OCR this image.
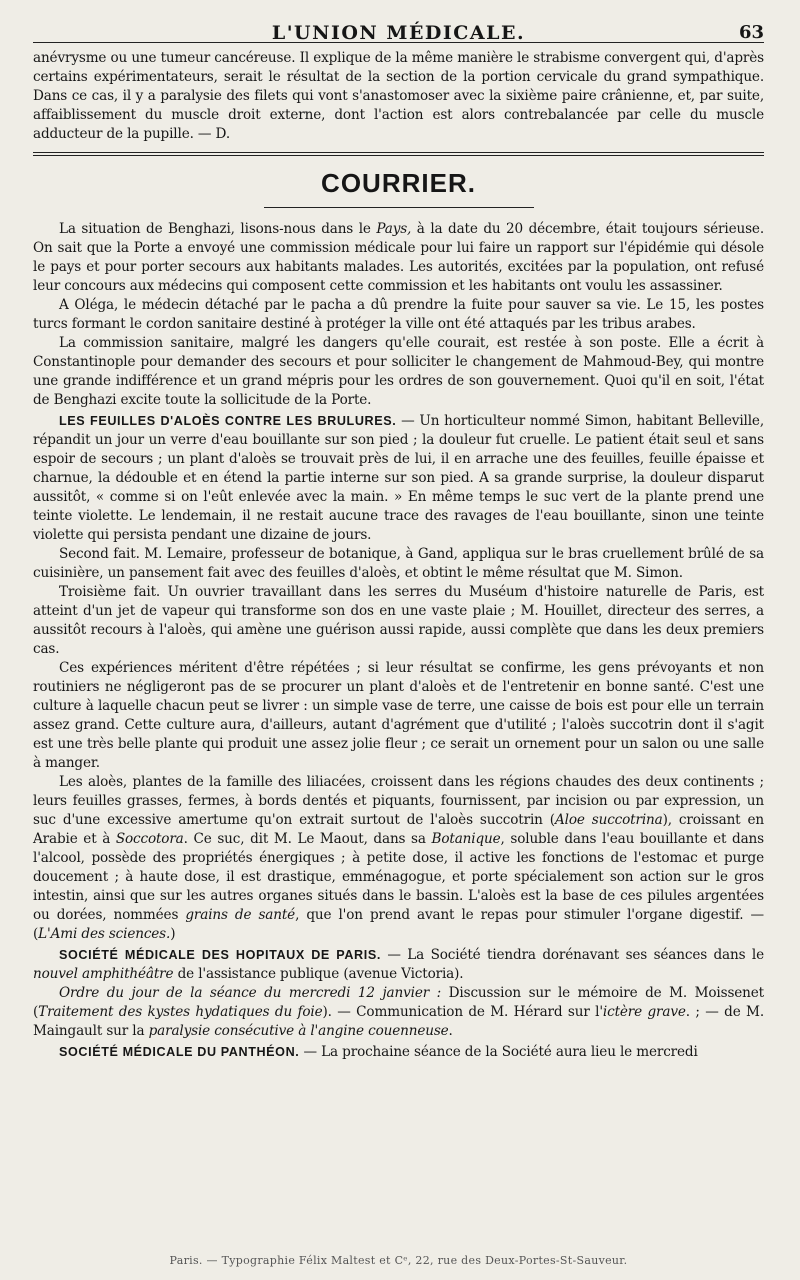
L'UNION MÉDICALE.	63

anévrysme ou une tumeur cancéreuse. Il explique de la même manière le strabisme convergent qui, d'après certains expérimentateurs, serait le résultat de la section de la portion cervicale du grand sympathique. Dans ce cas, il y a paralysie des filets qui vont s'anastomoser avec la sixième paire crânienne, et, par suite, affaiblissement du muscle droit externe, dont l'action est alors contrebalancée par celle du muscle adducteur de la pupille. — D.

COURRIER.

La situation de Benghazi, lisons-nous dans le Pays, à la date du 20 décembre, était toujours sérieuse. On sait que la Porte a envoyé une commission médicale pour lui faire un rapport sur l'épidémie qui désole le pays et pour porter secours aux habitants malades. Les autorités, excitées par la population, ont refusé leur concours aux médecins qui composent cette commission et les habitants ont voulu les assassiner.

A Oléga, le médecin détaché par le pacha a dû prendre la fuite pour sauver sa vie. Le 15, les postes turcs formant le cordon sanitaire destiné à protéger la ville ont été attaqués par les tribus arabes.

La commission sanitaire, malgré les dangers qu'elle courait, est restée à son poste. Elle a écrit à Constantinople pour demander des secours et pour solliciter le changement de Mahmoud-Bey, qui montre une grande indifférence et un grand mépris pour les ordres de son gouvernement. Quoi qu'il en soit, l'état de Benghazi excite toute la sollicitude de la Porte.

LES FEUILLES D'ALOÈS CONTRE LES BRULURES. — Un horticulteur nommé Simon, habitant Belleville, répandit un jour un verre d'eau bouillante sur son pied ; la douleur fut cruelle. Le patient était seul et sans espoir de secours ; un plant d'aloès se trouvait près de lui, il en arrache une des feuilles, feuille épaisse et charnue, la dédouble et en étend la partie interne sur son pied. A sa grande surprise, la douleur disparut aussitôt, « comme si on l'eût enlevée avec la main. » En même temps le suc vert de la plante prend une teinte violette. Le lendemain, il ne restait aucune trace des ravages de l'eau bouillante, sinon une teinte violette qui persista pendant une dizaine de jours.

Second fait. M. Lemaire, professeur de botanique, à Gand, appliqua sur le bras cruellement brûlé de sa cuisinière, un pansement fait avec des feuilles d'aloès, et obtint le même résultat que M. Simon.

Troisième fait. Un ouvrier travaillant dans les serres du Muséum d'histoire naturelle de Paris, est atteint d'un jet de vapeur qui transforme son dos en une vaste plaie ; M. Houillet, directeur des serres, a aussitôt recours à l'aloès, qui amène une guérison aussi rapide, aussi complète que dans les deux premiers cas.

Ces expériences méritent d'être répétées ; si leur résultat se confirme, les gens prévoyants et non routiniers ne négligeront pas de se procurer un plant d'aloès et de l'entretenir en bonne santé. C'est une culture à laquelle chacun peut se livrer : un simple vase de terre, une caisse de bois est pour elle un terrain assez grand. Cette culture aura, d'ailleurs, autant d'agrément que d'utilité ; l'aloès succotrin dont il s'agit est une très belle plante qui produit une assez jolie fleur ; ce serait un ornement pour un salon ou une salle à manger.

Les aloès, plantes de la famille des liliacées, croissent dans les régions chaudes des deux continents ; leurs feuilles grasses, fermes, à bords dentés et piquants, fournissent, par incision ou par expression, un suc d'une excessive amertume qu'on extrait surtout de l'aloès succotrin (Aloe succotrina), croissant en Arabie et à Soccotora. Ce suc, dit M. Le Maout, dans sa Botanique, soluble dans l'eau bouillante et dans l'alcool, possède des propriétés énergiques ; à petite dose, il active les fonctions de l'estomac et purge doucement ; à haute dose, il est drastique, emménagogue, et porte spécialement son action sur le gros intestin, ainsi que sur les autres organes situés dans le bassin. L'aloès est la base de ces pilules argentées ou dorées, nommées grains de santé, que l'on prend avant le repas pour stimuler l'organe digestif. — (L'Ami des sciences.)

SOCIÉTÉ MÉDICALE DES HOPITAUX DE PARIS. — La Société tiendra dorénavant ses séances dans le nouvel amphithéâtre de l'assistance publique (avenue Victoria).

Ordre du jour de la séance du mercredi 12 janvier : Discussion sur le mémoire de M. Moissenet (Traitement des kystes hydatiques du foie). — Communication de M. Hérard sur l'ictère grave. ; — de M. Maingault sur la paralysie consécutive à l'angine couenneuse.

SOCIÉTÉ MÉDICALE DU PANTHÉON. — La prochaine séance de la Société aura lieu le mercredi

Paris. — Typographie Félix Maltest et Cᵉ, 22, rue des Deux-Portes-St-Sauveur.
